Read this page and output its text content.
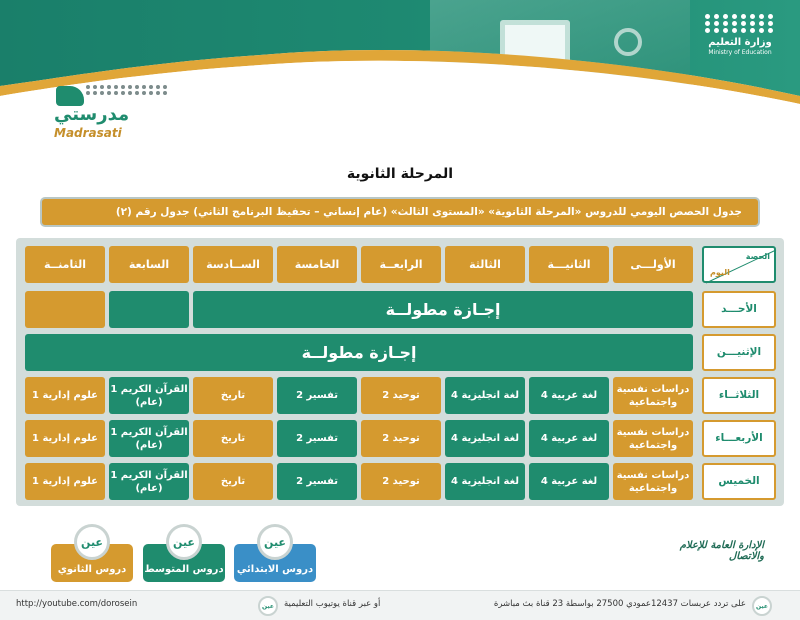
وزارة التعليم
Ministry of Education
الأسبوع السابع
الفصل الأول 1443هـ
مدرستي
Madrasati
المرحلة الثانوية
جدول الحصص اليومي للدروس «المرحلة الثانوية» «المستوى الثالث» (عام إنساني – تحفيظ البرنامج الثاني) جدول رقم (٢)
الحصة
اليوم
الأولـــى
الثانيـــة
الثالثة
الرابعــة
الخامسة
الســادسة
السابعة
الثامنــة
الأحـــد
الإثنيـــن
الثلاثــاء
الأربعـــاء
الخميس
إجـازة مطولــة
إجـازة مطولــة
دراسات نفسية واجتماعية
لغة عربية 4
لغة انجليزية 4
توحيد 2
تفسير 2
تاريخ
القرآن الكريم 1 (عام)
علوم إدارية 1
دراسات نفسية واجتماعية
لغة عربية 4
لغة انجليزية 4
توحيد 2
تفسير 2
تاريخ
القرآن الكريم 1 (عام)
علوم إدارية 1
دراسات نفسية واجتماعية
لغة عربية 4
لغة انجليزية 4
توحيد 2
تفسير 2
تاريخ
القرآن الكريم 1 (عام)
علوم إدارية 1
دروس الابتدائي
عين
دروس المتوسط
عين
دروس الثانوي
عين	الإدارة العامة للإعلام والاتصال
عين
على تردد عربسات 12437عمودي 27500 بواسطة 23 قناة بث مباشرة
أو عبر قناة يوتيوب التعليمية
عين
http://youtube.com/dorosein
